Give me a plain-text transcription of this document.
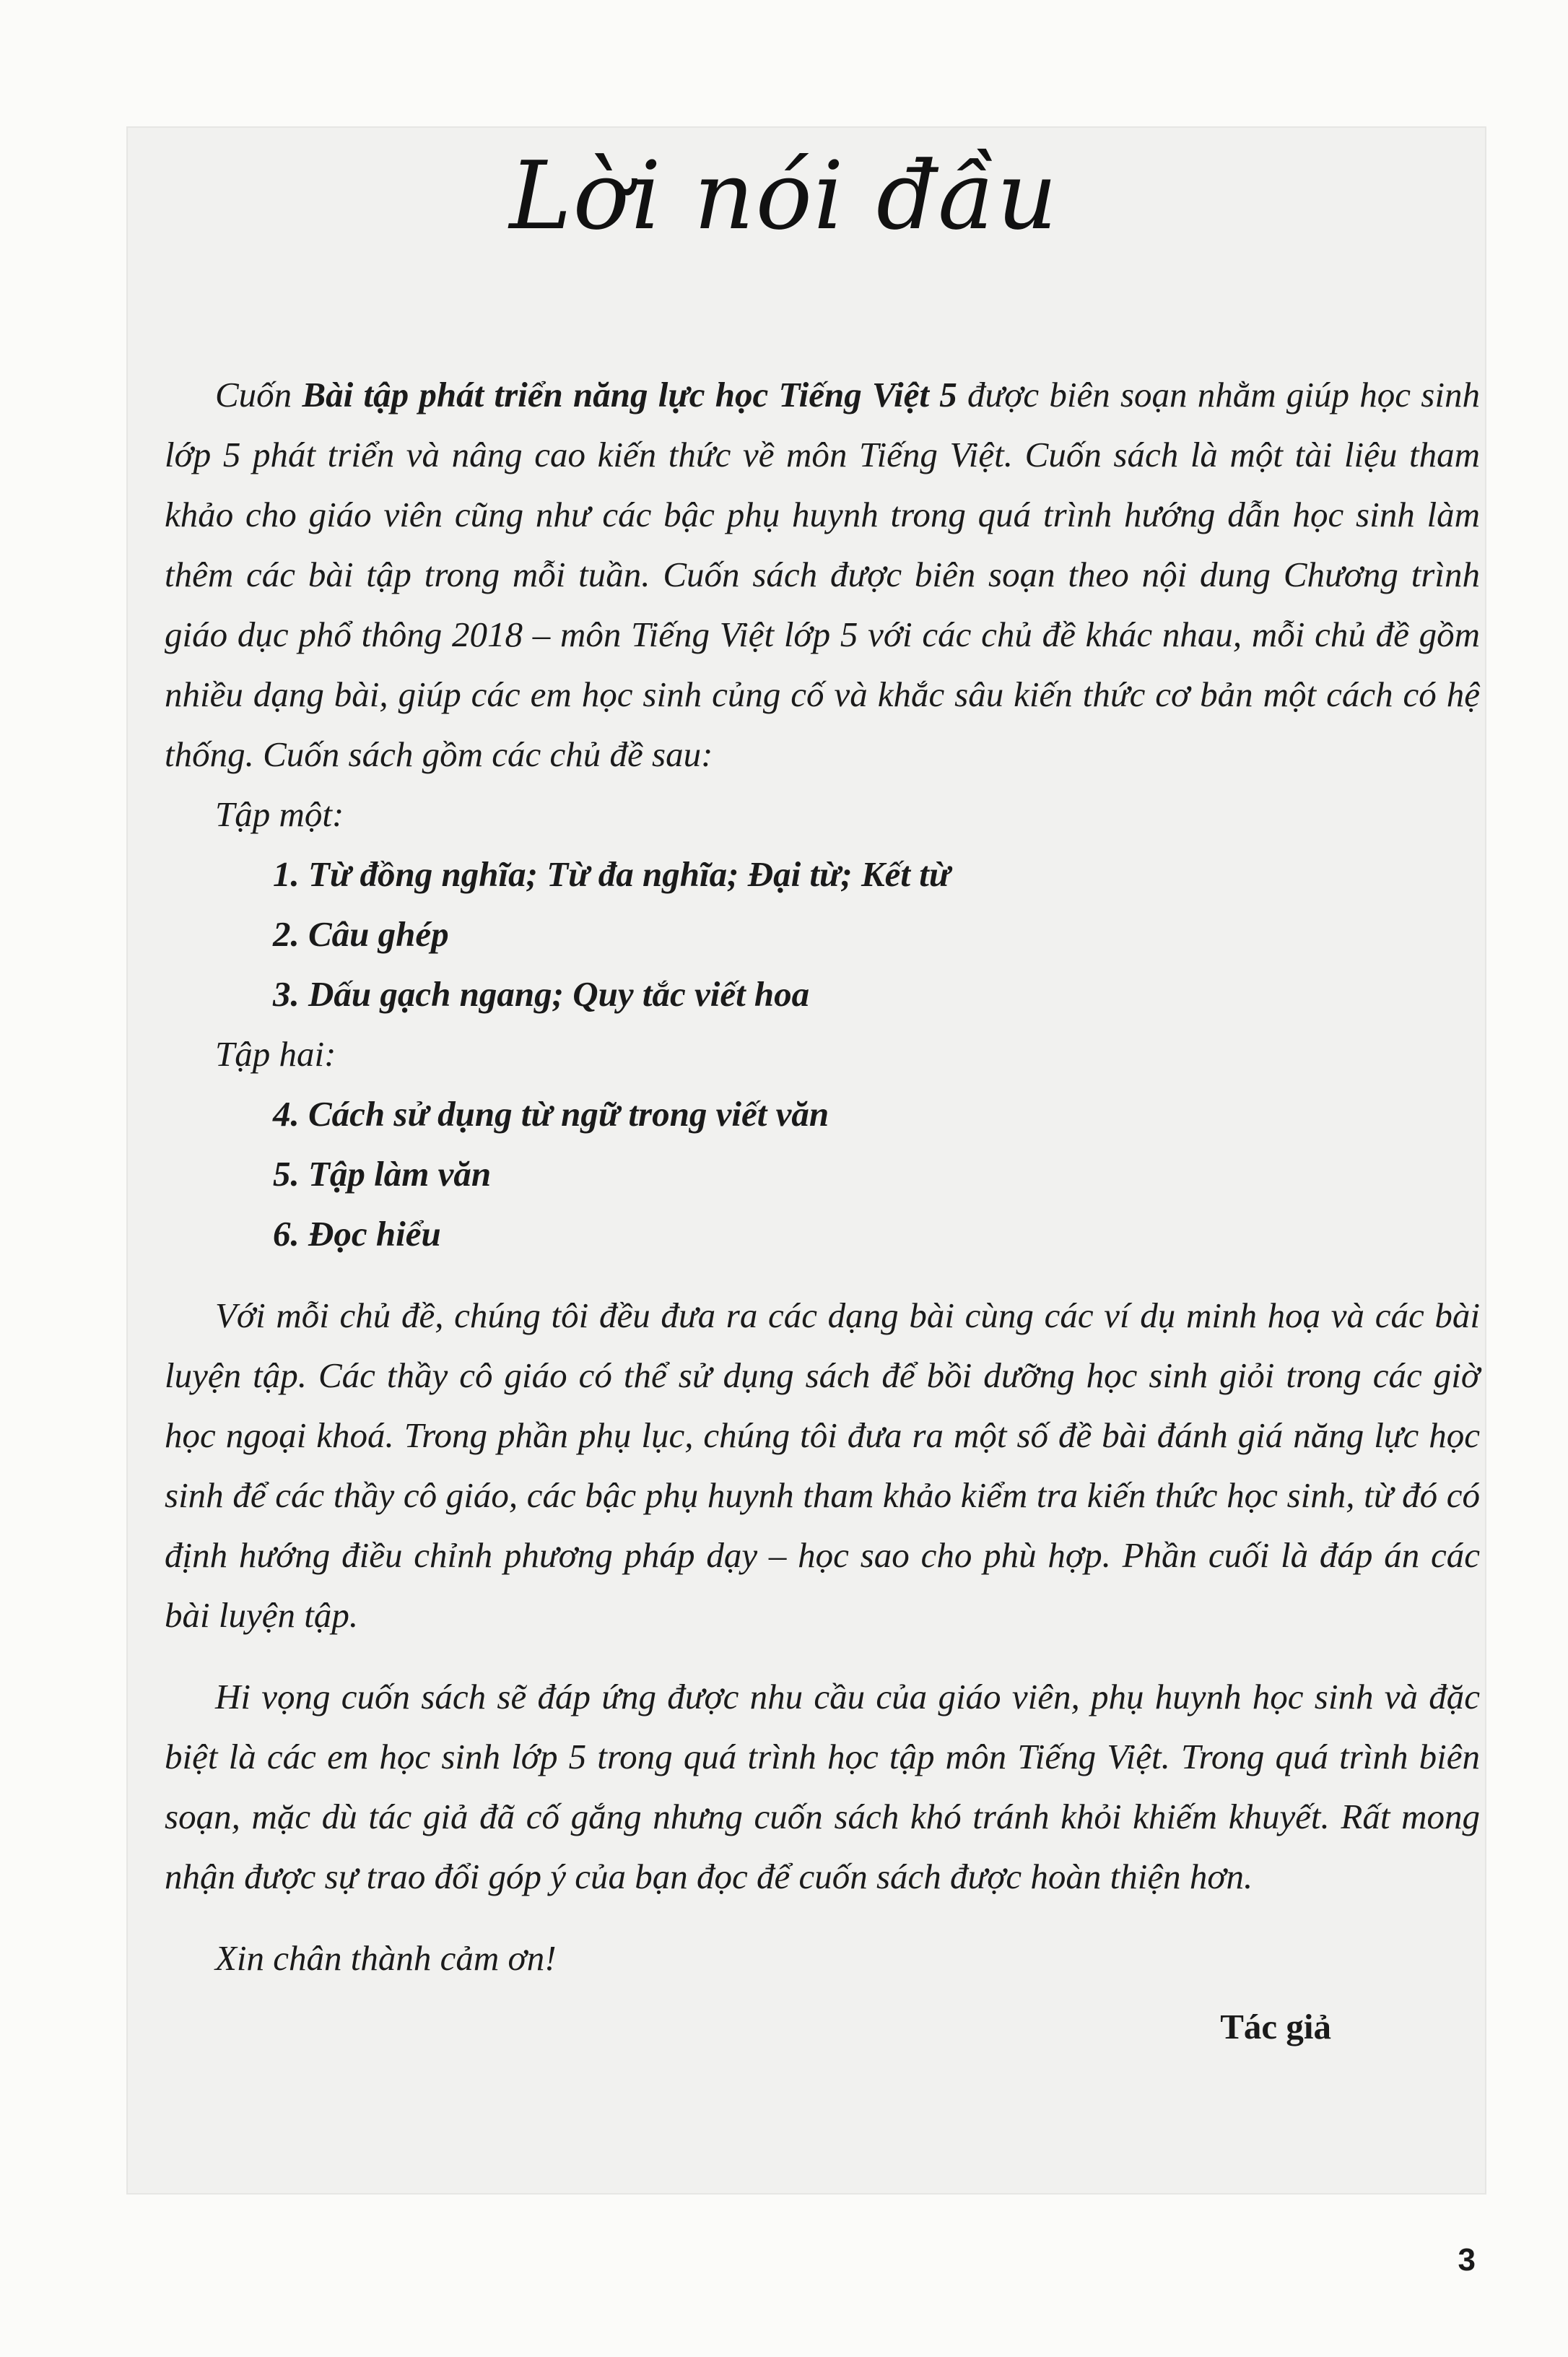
Lời nói đầu

Cuốn Bài tập phát triển năng lực học Tiếng Việt 5 được biên soạn nhằm giúp học sinh lớp 5 phát triển và nâng cao kiến thức về môn Tiếng Việt. Cuốn sách là một tài liệu tham khảo cho giáo viên cũng như các bậc phụ huynh trong quá trình hướng dẫn học sinh làm thêm các bài tập trong mỗi tuần. Cuốn sách được biên soạn theo nội dung Chương trình giáo dục phổ thông 2018 – môn Tiếng Việt lớp 5 với các chủ đề khác nhau, mỗi chủ đề gồm nhiều dạng bài, giúp các em học sinh củng cố và khắc sâu kiến thức cơ bản một cách có hệ thống. Cuốn sách gồm các chủ đề sau:

Tập một:
1. Từ đồng nghĩa; Từ đa nghĩa; Đại từ; Kết từ
2. Câu ghép
3. Dấu gạch ngang; Quy tắc viết hoa
Tập hai:
4. Cách sử dụng từ ngữ trong viết văn
5. Tập làm văn
6. Đọc hiểu

Với mỗi chủ đề, chúng tôi đều đưa ra các dạng bài cùng các ví dụ minh hoạ và các bài luyện tập. Các thầy cô giáo có thể sử dụng sách để bồi dưỡng học sinh giỏi trong các giờ học ngoại khoá. Trong phần phụ lục, chúng tôi đưa ra một số đề bài đánh giá năng lực học sinh để các thầy cô giáo, các bậc phụ huynh tham khảo kiểm tra kiến thức học sinh, từ đó có định hướng điều chỉnh phương pháp dạy – học sao cho phù hợp. Phần cuối là đáp án các bài luyện tập.

Hi vọng cuốn sách sẽ đáp ứng được nhu cầu của giáo viên, phụ huynh học sinh và đặc biệt là các em học sinh lớp 5 trong quá trình học tập môn Tiếng Việt. Trong quá trình biên soạn, mặc dù tác giả đã cố gắng nhưng cuốn sách khó tránh khỏi khiếm khuyết. Rất mong nhận được sự trao đổi góp ý của bạn đọc để cuốn sách được hoàn thiện hơn.

Xin chân thành cảm ơn!

Tác giả
3
